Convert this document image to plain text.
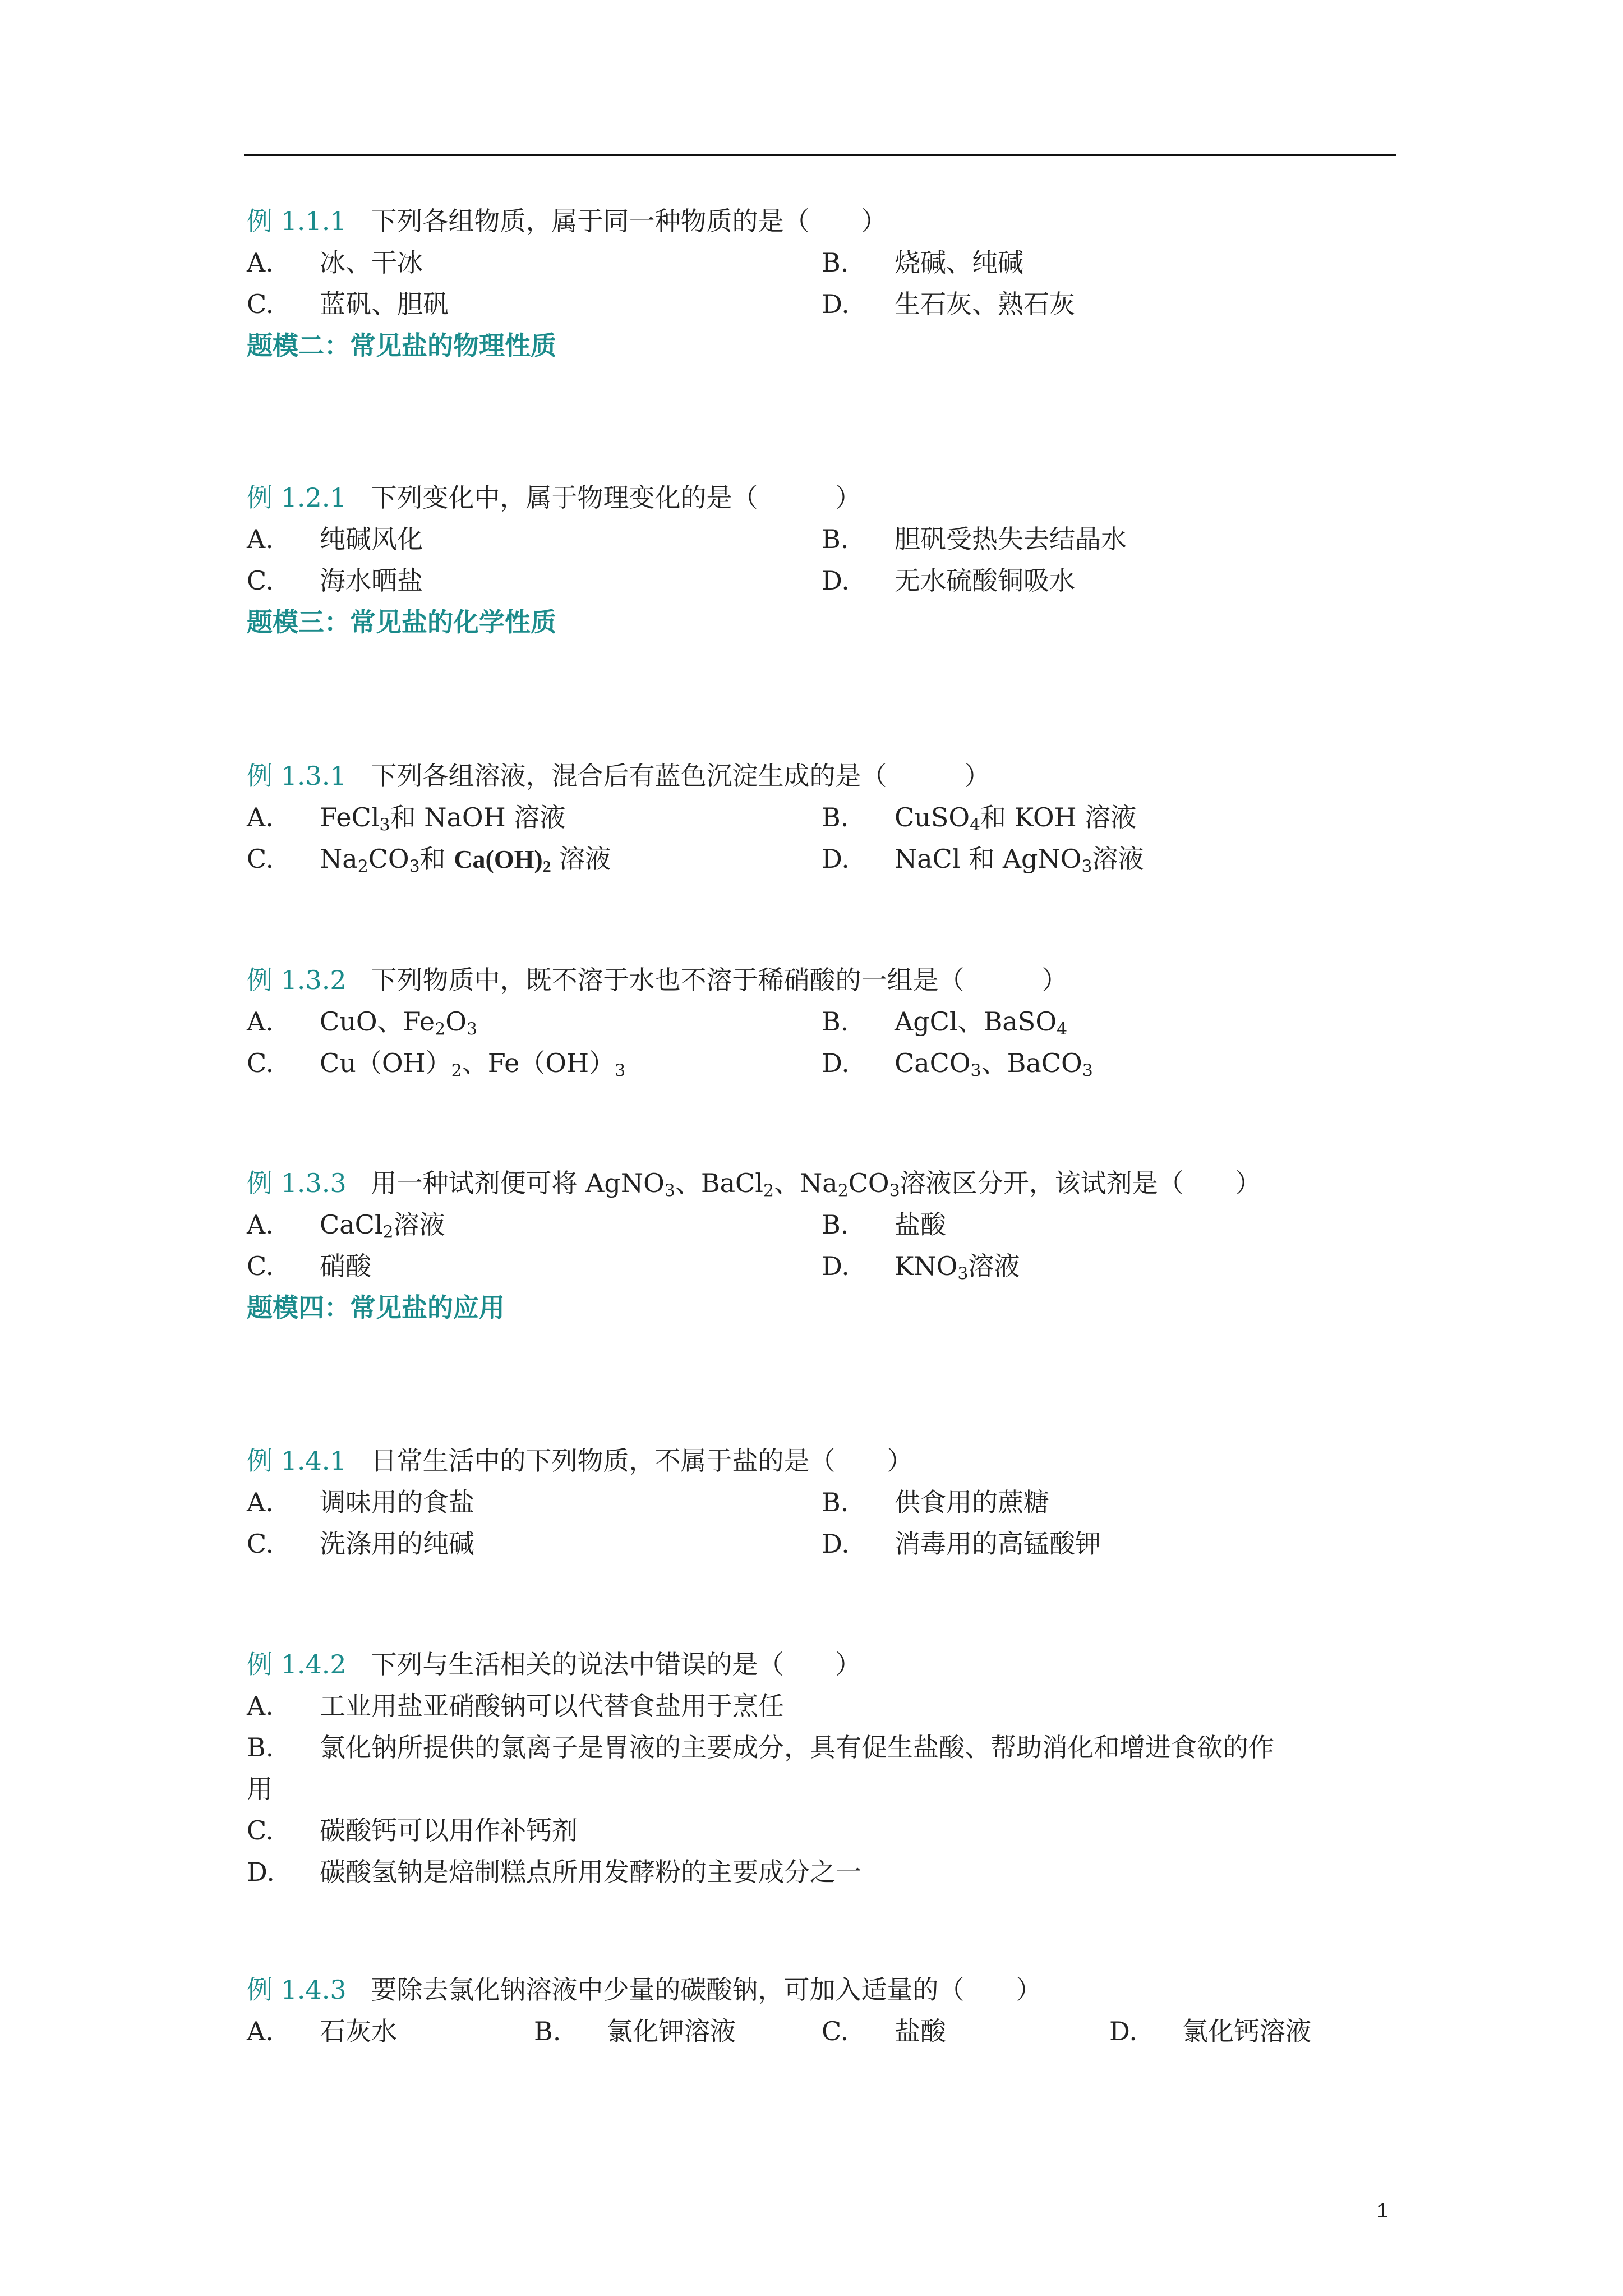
例 1.1.1 下列各组物质，属于同一种物质的是（　　）
A. 冰、干冰	B. 烧碱、纯碱
C. 蓝矾、胆矾	D. 生石灰、熟石灰
题模二：常见盐的物理性质
例 1.2.1 下列变化中，属于物理变化的是（　　　）
A. 纯碱风化	B. 胆矾受热失去结晶水
C. 海水晒盐	D. 无水硫酸铜吸水
题模三：常见盐的化学性质
例 1.3.1 下列各组溶液，混合后有蓝色沉淀生成的是（　　　）
A. FeCl$_3$和 NaOH 溶液	B. CuSO$_4$和 KOH 溶液
C. $Na_2CO_3$和 $Ca(OH)_2$ 溶液	D. NaCl 和 AgNO$_3$溶液
例 1.3.2 下列物质中，既不溶于水也不溶于稀硝酸的一组是（　　　）
A. CuO、$Fe_2O_3$	B. AgCl、BaSO$_4$
C. $Cu(OH)_2$、$Fe(OH)_3$	D. CaCO$_3$、BaCO$_3$
例 1.3.3 用一种试剂便可将 AgNO$_3$、BaCl$_2$、$Na_2CO_3$溶液区分开，该试剂是（　　）
A. CaCl$_2$溶液	B. 盐酸
C. 硝酸	D. $KNO_3$溶液
题模四：常见盐的应用
例 1.4.1 日常生活中的下列物质，不属于盐的是（　　）
A. 调味用的食盐	B. 供食用的蔗糖
C. 洗涤用的纯碱	D. 消毒用的高锰酸钾
例 1.4.2 下列与生活相关的说法中错误的是（　　）
A. 工业用盐亚硝酸钠可以代替食盐用于烹任
B. 氯化钠所提供的氯离子是胃液的主要成分，具有促生盐酸、帮助消化和增进食欲的作
用
C. 碳酸钙可以用作补钙剂
D. 碳酸氢钠是焙制糕点所用发酵粉的主要成分之一
例 1.4.3 要除去氯化钠溶液中少量的碳酸钠，可加入适量的（　　）
A. 石灰水	B. 氯化钾溶液	C. 盐酸	D. 氯化钙溶液
1
